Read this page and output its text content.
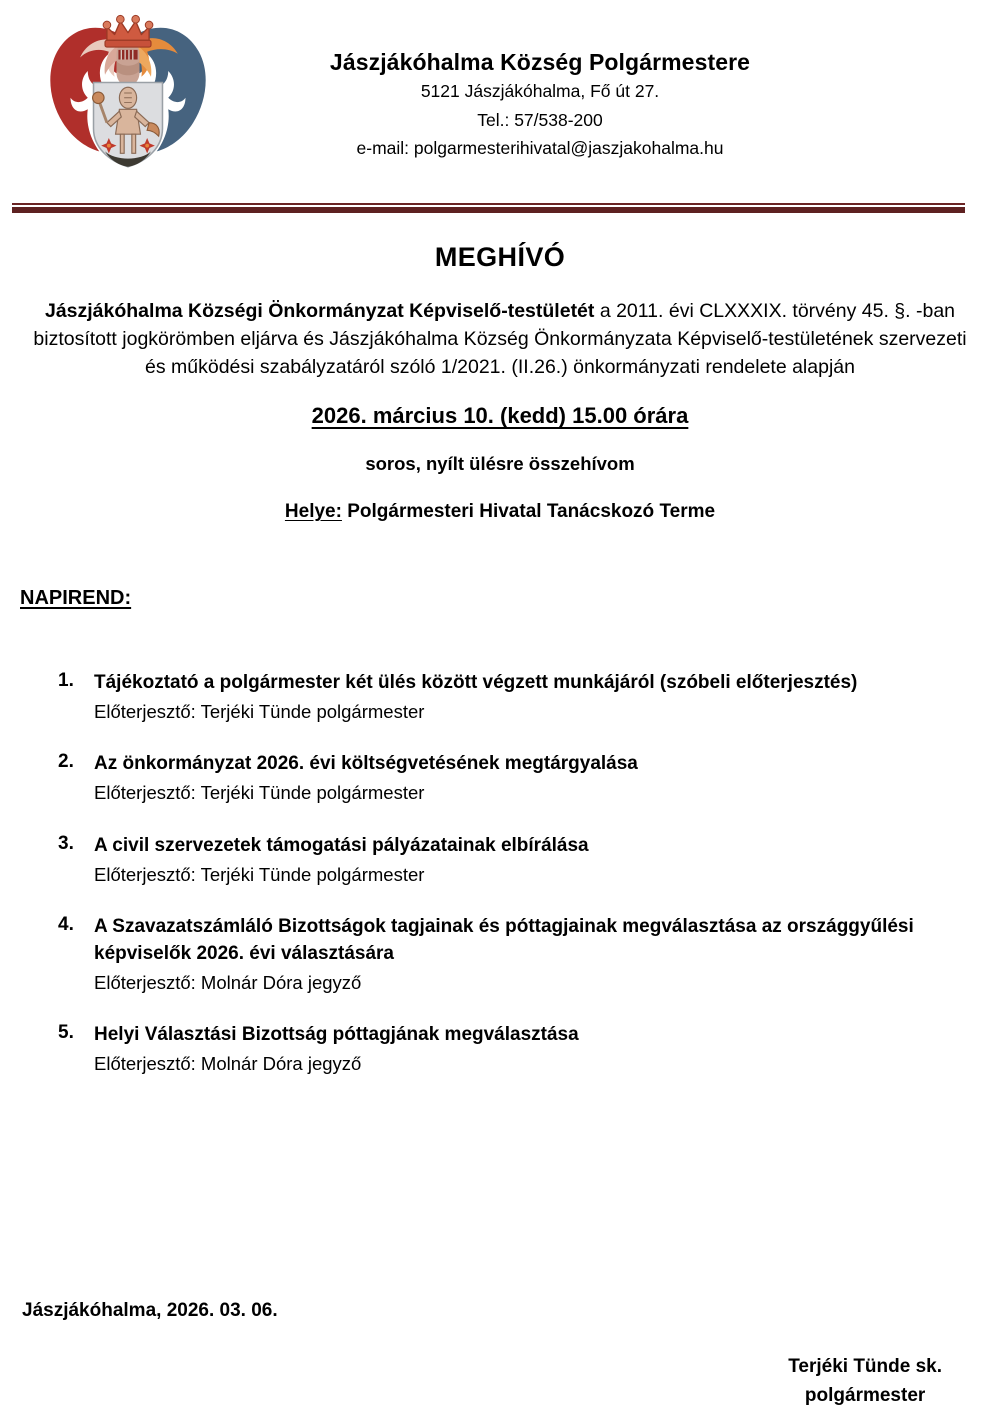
Jászjákóhalma Község Polgármestere
5121 Jászjákóhalma, Fő út 27.
Tel.: 57/538-200
e-mail: polgarmesterihivatal@jaszjakohalma.hu
MEGHÍVÓ
Jászjákóhalma Községi Önkormányzat Képviselő-testületét a 2011. évi CLXXXIX. törvény 45. §. -ban biztosított jogkörömben eljárva és Jászjákóhalma Község Önkormányzata Képviselő-testületének szervezeti és működési szabályzatáról szóló 1/2021. (II.26.) önkormányzati rendelete alapján
2026. március 10. (kedd) 15.00 órára
soros, nyílt ülésre összehívom
Helye: Polgármesteri Hivatal Tanácskozó Terme
NAPIREND:
1. Tájékoztató a polgármester két ülés között végzett munkájáról (szóbeli előterjesztés)
Előterjesztő: Terjéki Tünde polgármester
2. Az önkormányzat 2026. évi költségvetésének megtárgyalása
Előterjesztő: Terjéki Tünde polgármester
3. A civil szervezetek támogatási pályázatainak elbírálása
Előterjesztő: Terjéki Tünde polgármester
4. A Szavazatszámláló Bizottságok tagjainak és póttagjainak megválasztása az országgyűlési képviselők 2026. évi választására
Előterjesztő: Molnár Dóra jegyző
5. Helyi Választási Bizottság póttagjának megválasztása
Előterjesztő: Molnár Dóra jegyző
Jászjákóhalma, 2026. 03. 06.
Terjéki Tünde sk.
polgármester
